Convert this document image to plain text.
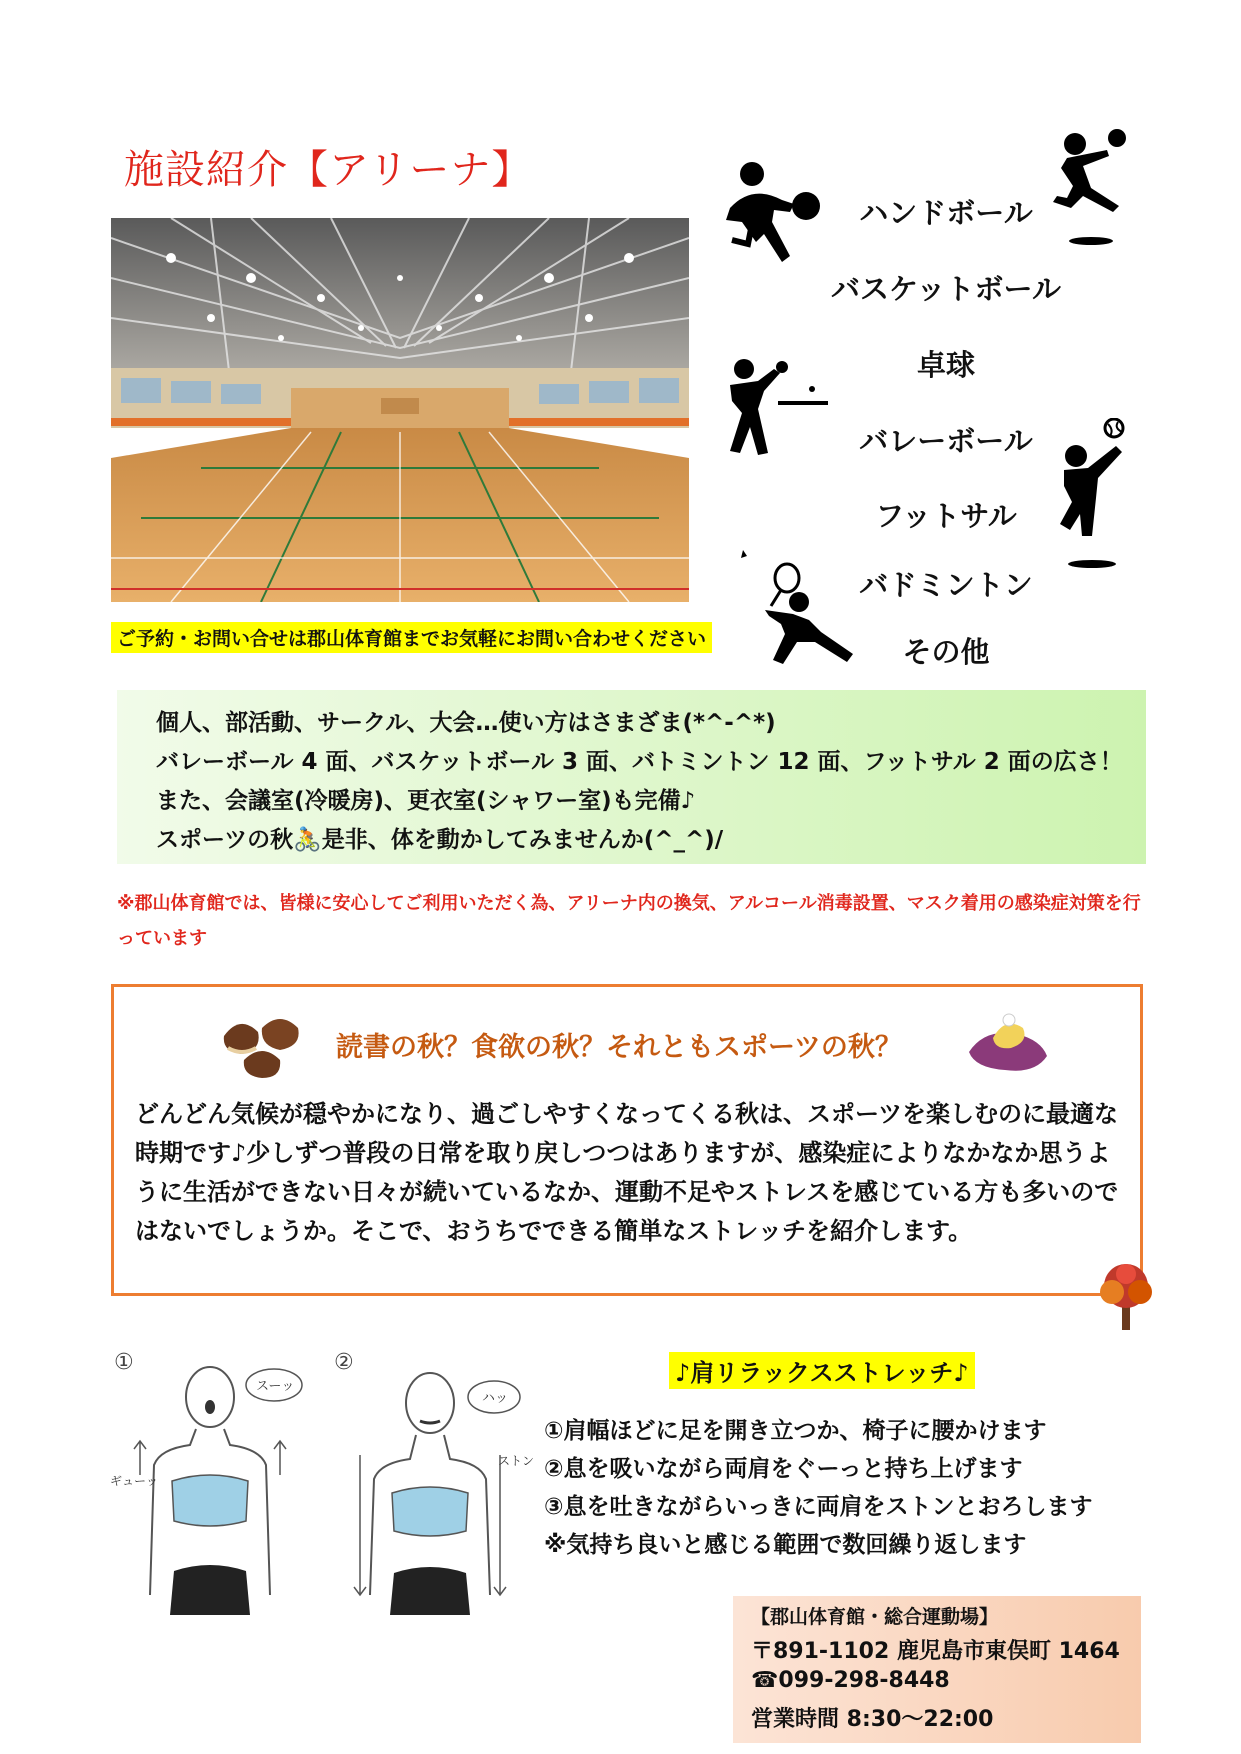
施設紹介【アリーナ】
ご予約・お問い合せは郡山体育館までお気軽にお問い合わせください
ハンドボール
バスケットボール
卓球
バレーボール
フットサル
バドミントン
その他
個人、部活動、サークル、大会…使い方はさまざま(*^-^*)
バレーボール 4 面、バスケットボール 3 面、バトミントン 12 面、フットサル 2 面の広さ！
また、会議室(冷暖房)、更衣室(シャワー室)も完備♪
スポーツの秋🚴是非、体を動かしてみませんか(^_^)/
※郡山体育館では、皆様に安心してご利用いただく為、アリーナ内の換気、アルコール消毒設置、マスク着用の感染症対策を行っています
読書の秋？食欲の秋？それともスポーツの秋？
どんどん気候が穏やかになり、過ごしやすくなってくる秋は、スポーツを楽しむのに最適な時期です♪少しずつ普段の日常を取り戻しつつはありますが、感染症によりなかなか思うように生活ができない日々が続いているなか、運動不足やストレスを感じている方も多いのではないでしょうか。そこで、おうちでできる簡単なストレッチを紹介します。
①
スーッ
ギューッ
②
ハッ
ストン
♪肩リラックスストレッチ♪
①肩幅ほどに足を開き立つか、椅子に腰かけます
②息を吸いながら両肩をぐーっと持ち上げます
③息を吐きながらいっきに両肩をストンとおろします
※気持ち良いと感じる範囲で数回繰り返します
【郡山体育館・総合運動場】
〒891-1102 鹿児島市東俣町 1464
☎099-298-8448
営業時間 8:30～22:00
